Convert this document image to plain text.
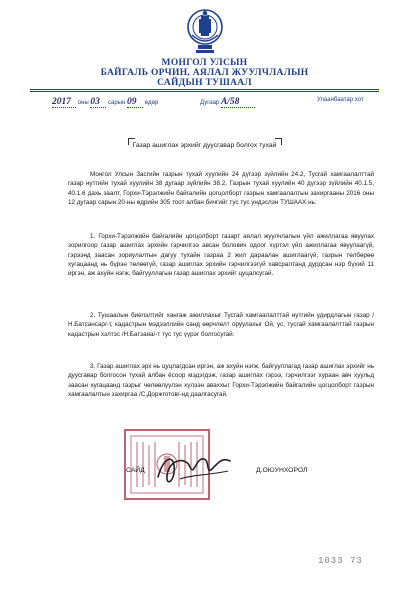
МОНГОЛ УЛСЫН
БАЙГАЛЬ ОРЧИН, АЯЛАЛ ЖУУЛЧЛАЛЫН
САЙДЫН ТУШААЛ
2017 оны 03 сарын 09 өдөр	Дугаар А/58	Улаанбаатар хот
Газар ашиглах эрхийг дуусгавар болгох тухай
Монгол Улсын Засгийн газрын тухай хуулийн 24 дүгээр зүйлийн 24.2, Тусгай хамгаалалттай газар нутгийн тухай хуулийн 38 дугаар зүйлийн 38.2, Газрын тухай хуулийн 40 дүгээр зүйлийн 40.1.5, 40.1.6 дахь заалт, Горхи-Тэрэлжийн байгалийн цогцолборт газрын хамгаалалтын захиргааны 2016 оны 12 дугаар сарын 20-ны өдрийн 305 тоот албан бичгийг тус тус үндэслэн ТУШААХ нь:
1. Горхи-Тэрэлжийн байгалийн цогцолборт газарт аялал жуулчлалын үйл ажиллагаа явуулах зорилгоор газар ашиглах эрхийн гэрчилгээ авсан болович одоог хүртэл үйл ажиллагаа явуулаагүй, гэрээнд заасан зориулалтын дагуу тухайн газраа 2 жил дараалан ашиглаагүй, газрын төлбөрөө хугацаанд нь бүрэн төлөөгүй, газар ашиглах эрхийн гэрчилгээгүй хавсралтанд дурдсан нэр бүхий 11 иргэн, аж ахуйн нэгж, байгууллагын газар ашиглах эрхийг цуцалсугай.
2. Тушаалын биелэлтийг хангаж ажиллахыг Тусгай хамгаалалттай нутгийн удирдлагын газар /Н.Батсансар/-т, кадастрын мэдээллийн санд өөрчлөлт оруулахыг Ой, ус, тусгай хамгаалалттай газрын кадастрын хэлтэс /Н.Батзаяа/-т тус тус үүрэг болгосугай.
3. Газар ашиглах эрх нь цуцлагдсан иргэн, аж ахуйн нэгж, байгууллагад газар ашиглах эрхийг нь дуусгавар болгосон тухай албан ёсоор мэдэгдэж, газар ашиглах гэрээ, гэрчилгээг хураан авч хуульд заасан хугацаанд газрыг чөлөөлүүлэн хүлээн аваххыг Горхи-Тэрэлжийн байгалийн цогцолборт газрын хамгаалалтын захиргаа /С.Доржготов/-нд даалгасугай.
САЙД	Д.ОЮУНХОРОЛ
1033 73
